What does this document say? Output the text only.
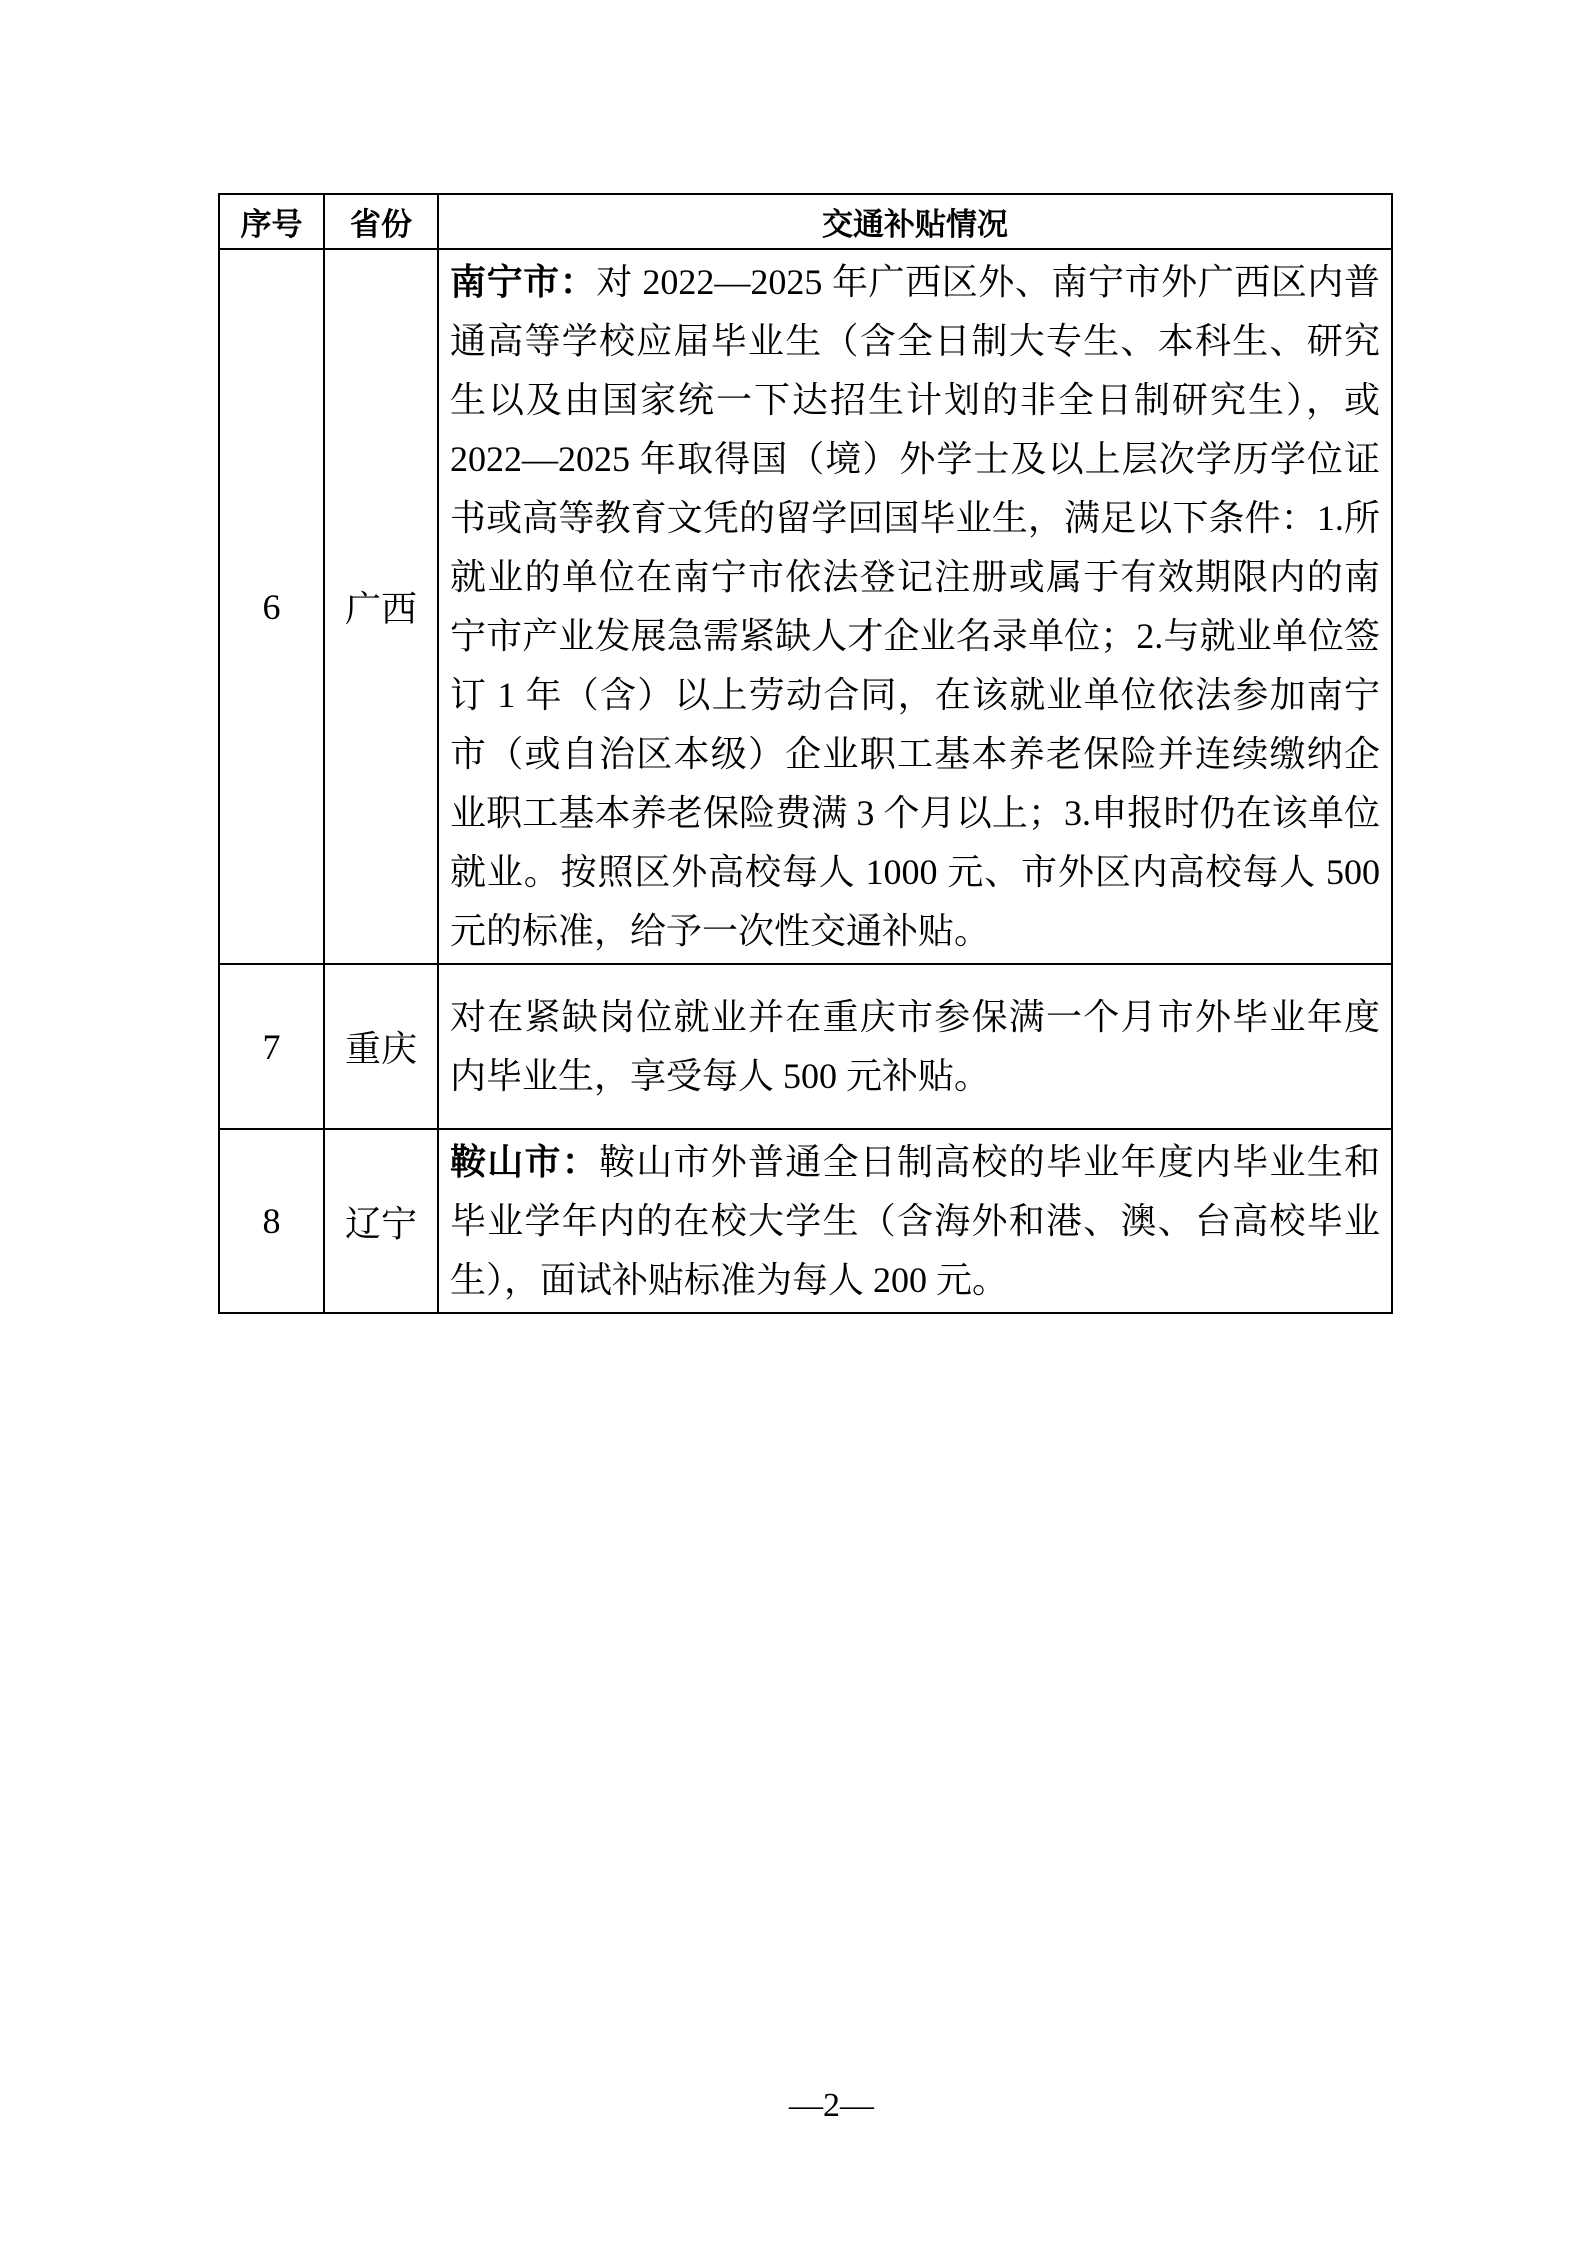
序号	省份	交通补贴情况
6	广西	南宁市：对 2022—2025 年广西区外、南宁市外广西区内普通高等学校应届毕业生（含全日制大专生、本科生、研究生以及由国家统一下达招生计划的非全日制研究生），或 2022—2025 年取得国（境）外学士及以上层次学历学位证书或高等教育文凭的留学回国毕业生，满足以下条件：1.所就业的单位在南宁市依法登记注册或属于有效期限内的南宁市产业发展急需紧缺人才企业名录单位；2.与就业单位签订 1 年（含）以上劳动合同，在该就业单位依法参加南宁市（或自治区本级）企业职工基本养老保险并连续缴纳企业职工基本养老保险费满 3 个月以上；3.申报时仍在该单位就业。按照区外高校每人 1000 元、市外区内高校每人 500 元的标准，给予一次性交通补贴。
7	重庆	对在紧缺岗位就业并在重庆市参保满一个月市外毕业年度内毕业生，享受每人 500 元补贴。
8	辽宁	鞍山市：鞍山市外普通全日制高校的毕业年度内毕业生和毕业学年内的在校大学生（含海外和港、澳、台高校毕业生），面试补贴标准为每人 200 元。
—2—
